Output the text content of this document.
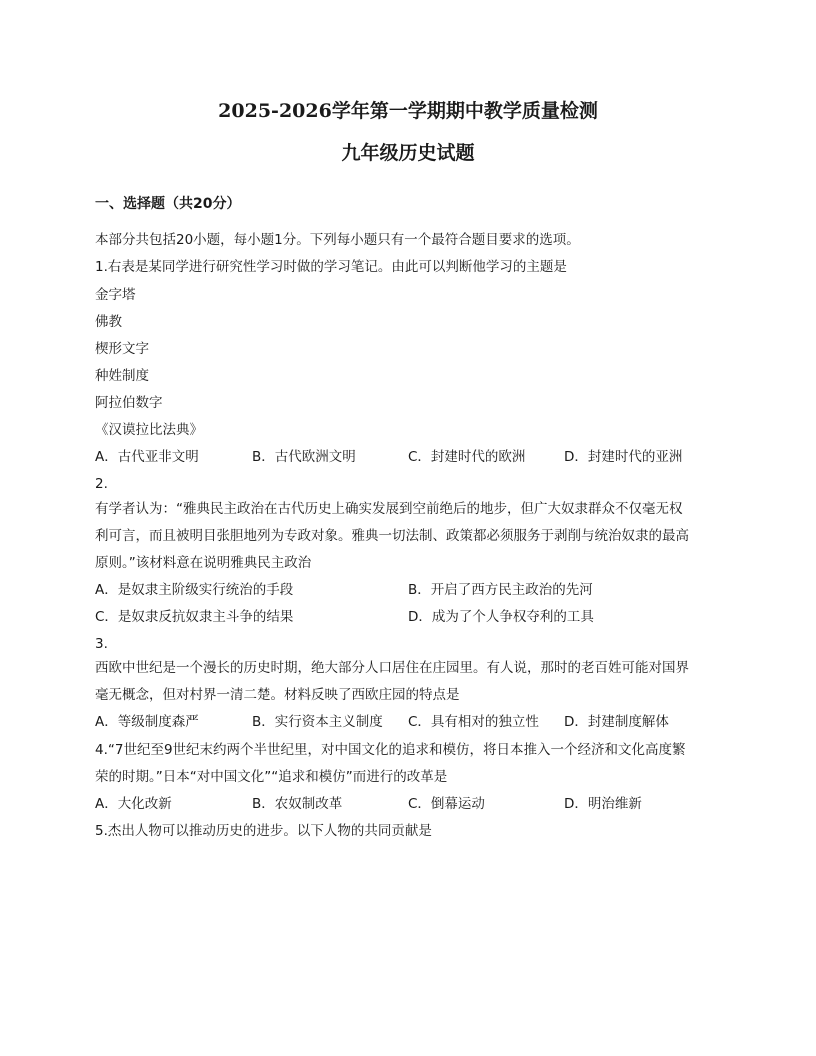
2025-2026学年第一学期期中教学质量检测
九年级历史试题
一、选择题（共20分）
本部分共包括20小题，每小题1分。下列每小题只有一个最符合题目要求的选项。
1.右表是某同学进行研究性学习时做的学习笔记。由此可以判断他学习的主题是
金字塔
佛教
楔形文字
种姓制度
阿拉伯数字
《汉谟拉比法典》
A．古代亚非文明	B．古代欧洲文明	C．封建时代的欧洲	D．封建时代的亚洲
2.
有学者认为：“雅典民主政治在古代历史上确实发展到空前绝后的地步，但广大奴隶群众不仅毫无权
利可言，而且被明目张胆地列为专政对象。雅典一切法制、政策都必须服务于剥削与统治奴隶的最高
原则。”该材料意在说明雅典民主政治
A．是奴隶主阶级实行统治的手段	B．开启了西方民主政治的先河
C．是奴隶反抗奴隶主斗争的结果	D．成为了个人争权夺利的工具
3.
西欧中世纪是一个漫长的历史时期，绝大部分人口居住在庄园里。有人说，那时的老百姓可能对国界
毫无概念，但对村界一清二楚。材料反映了西欧庄园的特点是
A．等级制度森严	B．实行资本主义制度 C．具有相对的独立性 D．封建制度解体
4.“7世纪至9世纪末约两个半世纪里，对中国文化的追求和模仿，将日本推入一个经济和文化高度繁
荣的时期。”日本“对中国文化”“追求和模仿”而进行的改革是
A．大化改新	B．农奴制改革	C．倒幕运动	D．明治维新
5.杰出人物可以推动历史的进步。以下人物的共同贡献是
